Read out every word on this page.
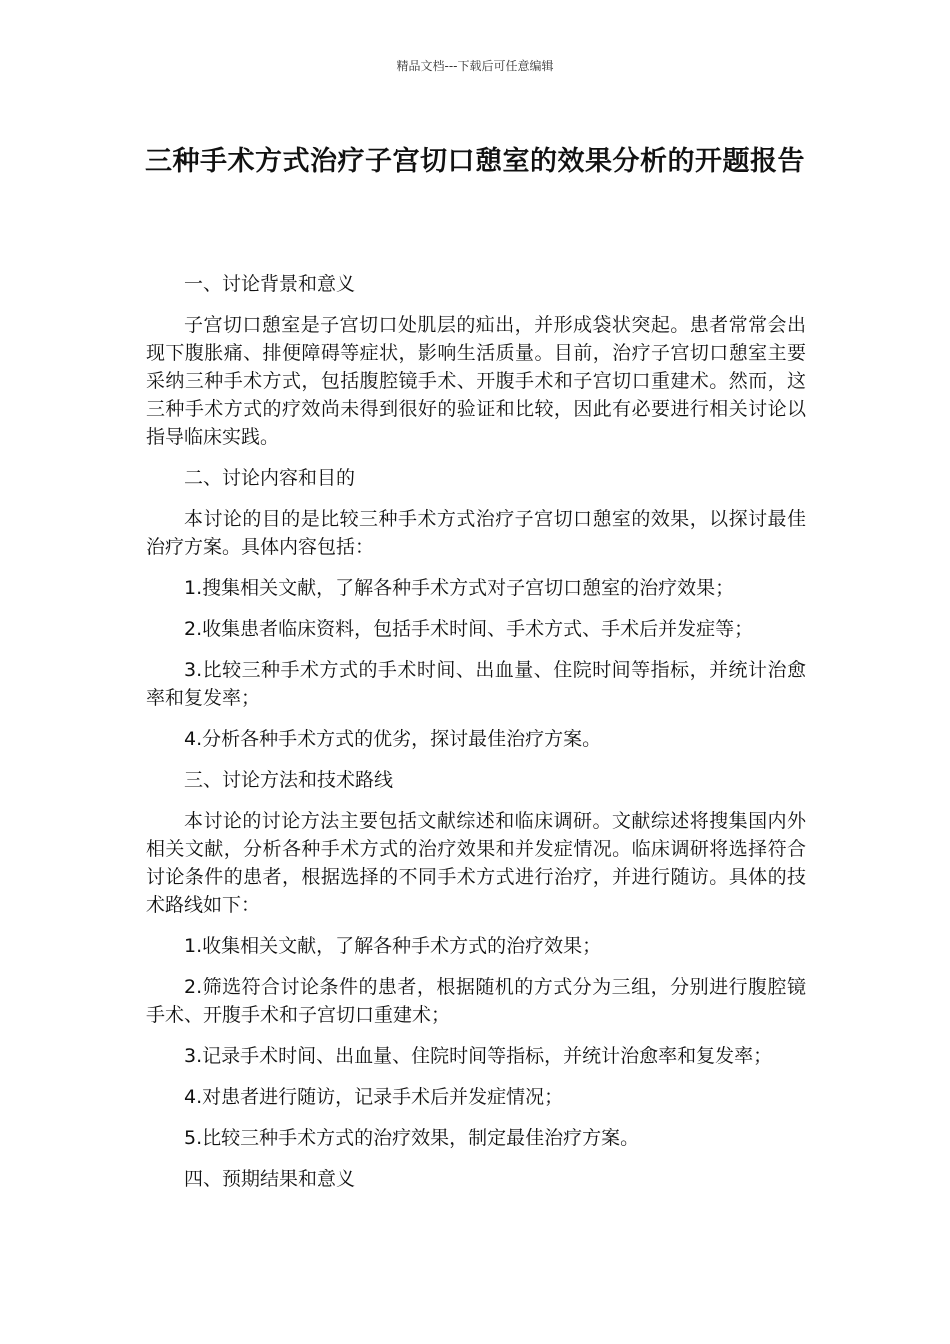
精品文档---下载后可任意编辑
三种手术方式治疗子宫切口憩室的效果分析的开题报告

一、讨论背景和意义

子宫切口憩室是子宫切口处肌层的疝出，并形成袋状突起。患者常常会出现下腹胀痛、排便障碍等症状，影响生活质量。目前，治疗子宫切口憩室主要采纳三种手术方式，包括腹腔镜手术、开腹手术和子宫切口重建术。然而，这三种手术方式的疗效尚未得到很好的验证和比较，因此有必要进行相关讨论以指导临床实践。

二、讨论内容和目的

本讨论的目的是比较三种手术方式治疗子宫切口憩室的效果，以探讨最佳治疗方案。具体内容包括：

1.搜集相关文献，了解各种手术方式对子宫切口憩室的治疗效果；

2.收集患者临床资料，包括手术时间、手术方式、手术后并发症等；

3.比较三种手术方式的手术时间、出血量、住院时间等指标，并统计治愈率和复发率；

4.分析各种手术方式的优劣，探讨最佳治疗方案。

三、讨论方法和技术路线

本讨论的讨论方法主要包括文献综述和临床调研。文献综述将搜集国内外相关文献，分析各种手术方式的治疗效果和并发症情况。临床调研将选择符合讨论条件的患者，根据选择的不同手术方式进行治疗，并进行随访。具体的技术路线如下：

1.收集相关文献，了解各种手术方式的治疗效果；

2.筛选符合讨论条件的患者，根据随机的方式分为三组，分别进行腹腔镜手术、开腹手术和子宫切口重建术；

3.记录手术时间、出血量、住院时间等指标，并统计治愈率和复发率；

4.对患者进行随访，记录手术后并发症情况；

5.比较三种手术方式的治疗效果，制定最佳治疗方案。

四、预期结果和意义
